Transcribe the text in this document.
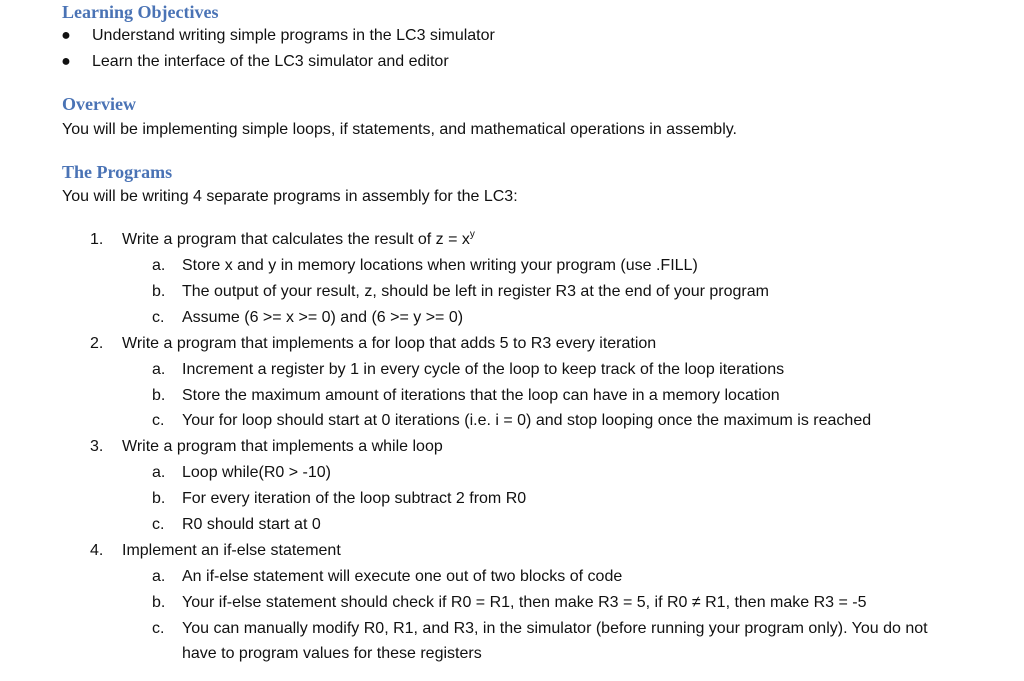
Learning Objectives
● Understand writing simple programs in the LC3 simulator
● Learn the interface of the LC3 simulator and editor
Overview

You will be implementing simple loops, if statements, and mathematical operations in assembly.

The Programs

You will be writing 4 separate programs in assembly for the LC3:

1.	Write a program that calculates the result of $z = x^y$
a.	Store x and y in memory locations when writing your program (use .FILL)
b.	The output of your result, z, should be left in register R3 at the end of your program
c.	Assume (6 >= x >= 0) and (6 >= y >= 0)
2.	Write a program that implements a for loop that adds 5 to R3 every iteration
a.	Increment a register by 1 in every cycle of the loop to keep track of the loop iterations
b.	Store the maximum amount of iterations that the loop can have in a memory location
c.	Your for loop should start at 0 iterations (i.e. i = 0) and stop looping once the maximum is reached
3.	Write a program that implements a while loop
a.	Loop while(R0 > -10)
b.	For every iteration of the loop subtract 2 from R0
c.	R0 should start at 0
4.	Implement an if-else statement
a.	An if-else statement will execute one out of two blocks of code
b.	Your if-else statement should check if R0 = R1, then make R3 = 5, if R0 ≠ R1, then make R3 = -5
c.	You can manually modify R0, R1, and R3, in the simulator (before running your program only). You do not
have to program values for these registers
